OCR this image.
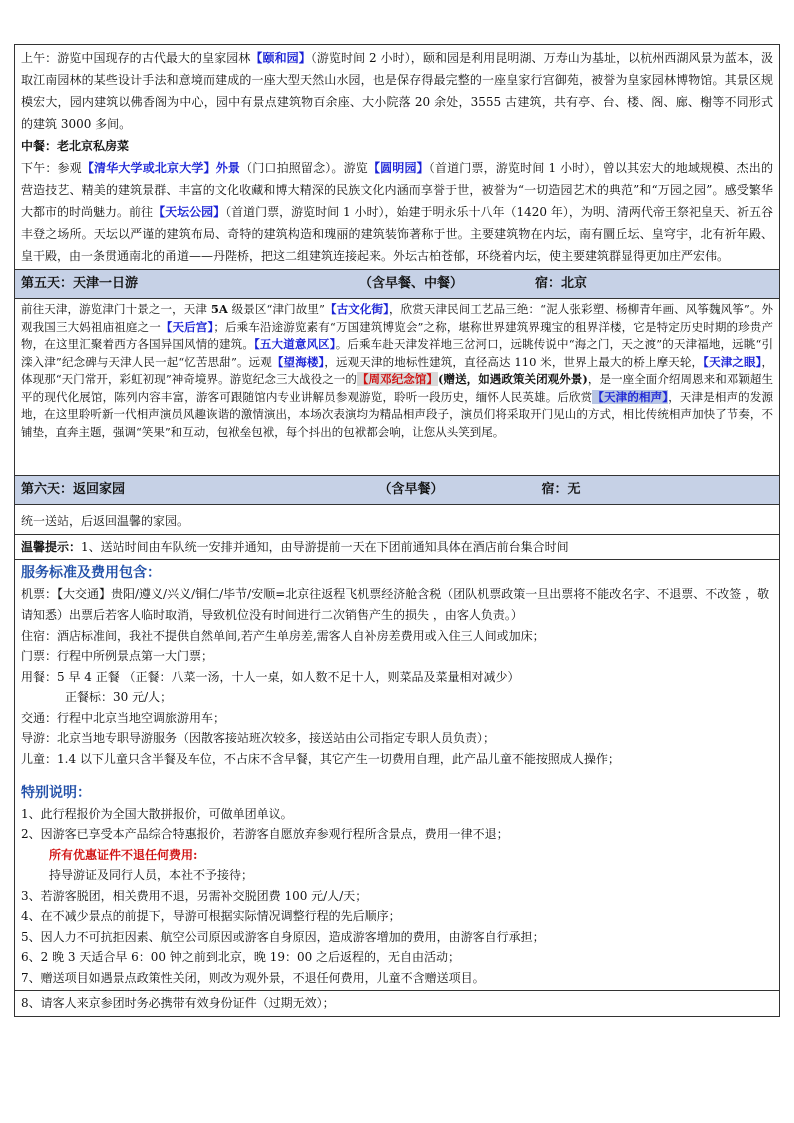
上午：游览中国现存的古代最大的皇家园林【颐和园】（游览时间 2 小时），颐和园是利用昆明湖、万寿山为基址，以杭州西湖风景为蓝本，汲取江南园林的某些设计手法和意境而建成的一座大型天然山水园，也是保存得最完整的一座皇家行宫御苑，被誉为皇家园林博物馆。其景区规模宏大，园内建筑以佛香阁为中心，园中有景点建筑物百余座、大小院落 20 余处，3555 古建筑，共有亭、台、楼、阁、廊、榭等不同形式的建筑 3000 多间。
中餐：老北京私房菜
下午：参观【清华大学或北京大学】外景（门口拍照留念）。游览【圆明园】（首道门票，游览时间 1 小时），曾以其宏大的地域规模、杰出的营造技艺、精美的建筑景群、丰富的文化收藏和博大精深的民族文化内涵而享誉于世，被誉为“一切造园艺术的典范”和“万园之园”。感受繁华大都市的时尚魅力。前往【天坛公园】（首道门票，游览时间 1 小时），始建于明永乐十八年（1420 年），为明、清两代帝王祭祀皇天、祈五谷丰登之场所。天坛以严谨的建筑布局、奇特的建筑构造和瑰丽的建筑装饰著称于世。主要建筑物在内坛，南有圜丘坛、皇穹宇，北有祈年殿、皇干殿，由一条贯通南北的甬道——丹陛桥，把这二组建筑连接起来。外坛古柏苍郁，环绕着内坛，使主要建筑群显得更加庄严宏伟。
第五天：天津一日游	（含早餐、中餐）	宿：北京
前往天津，游览津门十景之一，天津 5A 级景区“津门故里”【古文化街】，欣赏天津民间工艺品三绝：“泥人张彩塑、杨柳青年画、风筝魏风筝”。外观我国三大妈祖庙祖庭之一【天后宫】；后乘车沿途游览素有“万国建筑博览会”之称，堪称世界建筑界瑰宝的租界洋楼，它是特定历史时期的珍贵产物，在这里汇聚着西方各国异国风情的建筑。【五大道意风区】。后乘车赴天津发祥地三岔河口，远眺传说中“海之门，天之渡”的天津福地，远眺“引滦入津”纪念碑与天津人民一起“忆苦思甜”。远观【望海楼】，远观天津的地标性建筑，直径高达 110 米，世界上最大的桥上摩天轮，【天津之眼】，体现那“天门常开，彩虹初现”神奇境界。游览纪念三大战役之一的【周邓纪念馆】(赠送，如遇政策关闭观外景)，是一座全面介绍周恩来和邓颖超生平的现代化展馆，陈列内容丰富，游客可跟随馆内专业讲解员参观游览，聆听一段历史，缅怀人民英雄。后欣赏【天津的相声】，天津是相声的发源地，在这里聆听新一代相声演员风趣诙谐的激情演出，本场次表演均为精品相声段子，演员们将采取开门见山的方式，相比传统相声加快了节奏，不铺垫，直奔主题，强调“笑果”和互动，包袱垒包袱，每个抖出的包袱都会响，让您从头笑到尾。
第六天：返回家园	（含早餐）	宿：无
统一送站，后返回温馨的家园。
温馨提示：1、送站时间由车队统一安排并通知，由导游提前一天在下团前通知具体在酒店前台集合时间

服务标准及费用包含：
机票：【大交通】贵阳/遵义/兴义/铜仁/毕节/安顺=北京往返程飞机票经济舱含税（团队机票政策一旦出票将不能改名字、不退票、不改签 ，敬请知悉）出票后若客人临时取消，导致机位没有时间进行二次销售产生的损失 ，由客人负责。）
住宿：酒店标准间，我社不提供自然单间,若产生单房差,需客人自补房差费用或入住三人间或加床；
门票：行程中所例景点第一大门票；
用餐：5 早 4 正餐 （正餐：八菜一汤，十人一桌，如人数不足十人，则菜品及菜量相对减少）
正餐标：30 元/人；
交通：行程中北京当地空调旅游用车；
导游：北京当地专职导游服务（因散客接站班次较多，接送站由公司指定专职人员负责）；
儿童：1.4 以下儿童只含半餐及车位，不占床不含早餐，其它产生一切费用自理，此产品儿童不能按照成人操作；
特别说明：
1、此行程报价为全国大散拼报价，可做单团单议。
2、因游客已享受本产品综合特惠报价，若游客自愿放弃参观行程所含景点，费用一律不退；
所有优惠证件不退任何费用:
持导游证及同行人员，本社不予接待；
3、若游客脱团，相关费用不退，另需补交脱团费 100 元/人/天；
4、在不减少景点的前提下，导游可根据实际情况调整行程的先后顺序；
5、因人力不可抗拒因素、航空公司原因或游客自身原因，造成游客增加的费用，由游客自行承担；
6、2 晚 3 天适合早 6：00 钟之前到北京，晚 19：00 之后返程的，无自由活动；
7、赠送项目如遇景点政策性关闭，则改为观外景，不退任何费用，儿童不含赠送项目。

8、请客人来京参团时务必携带有效身份证件（过期无效）；
